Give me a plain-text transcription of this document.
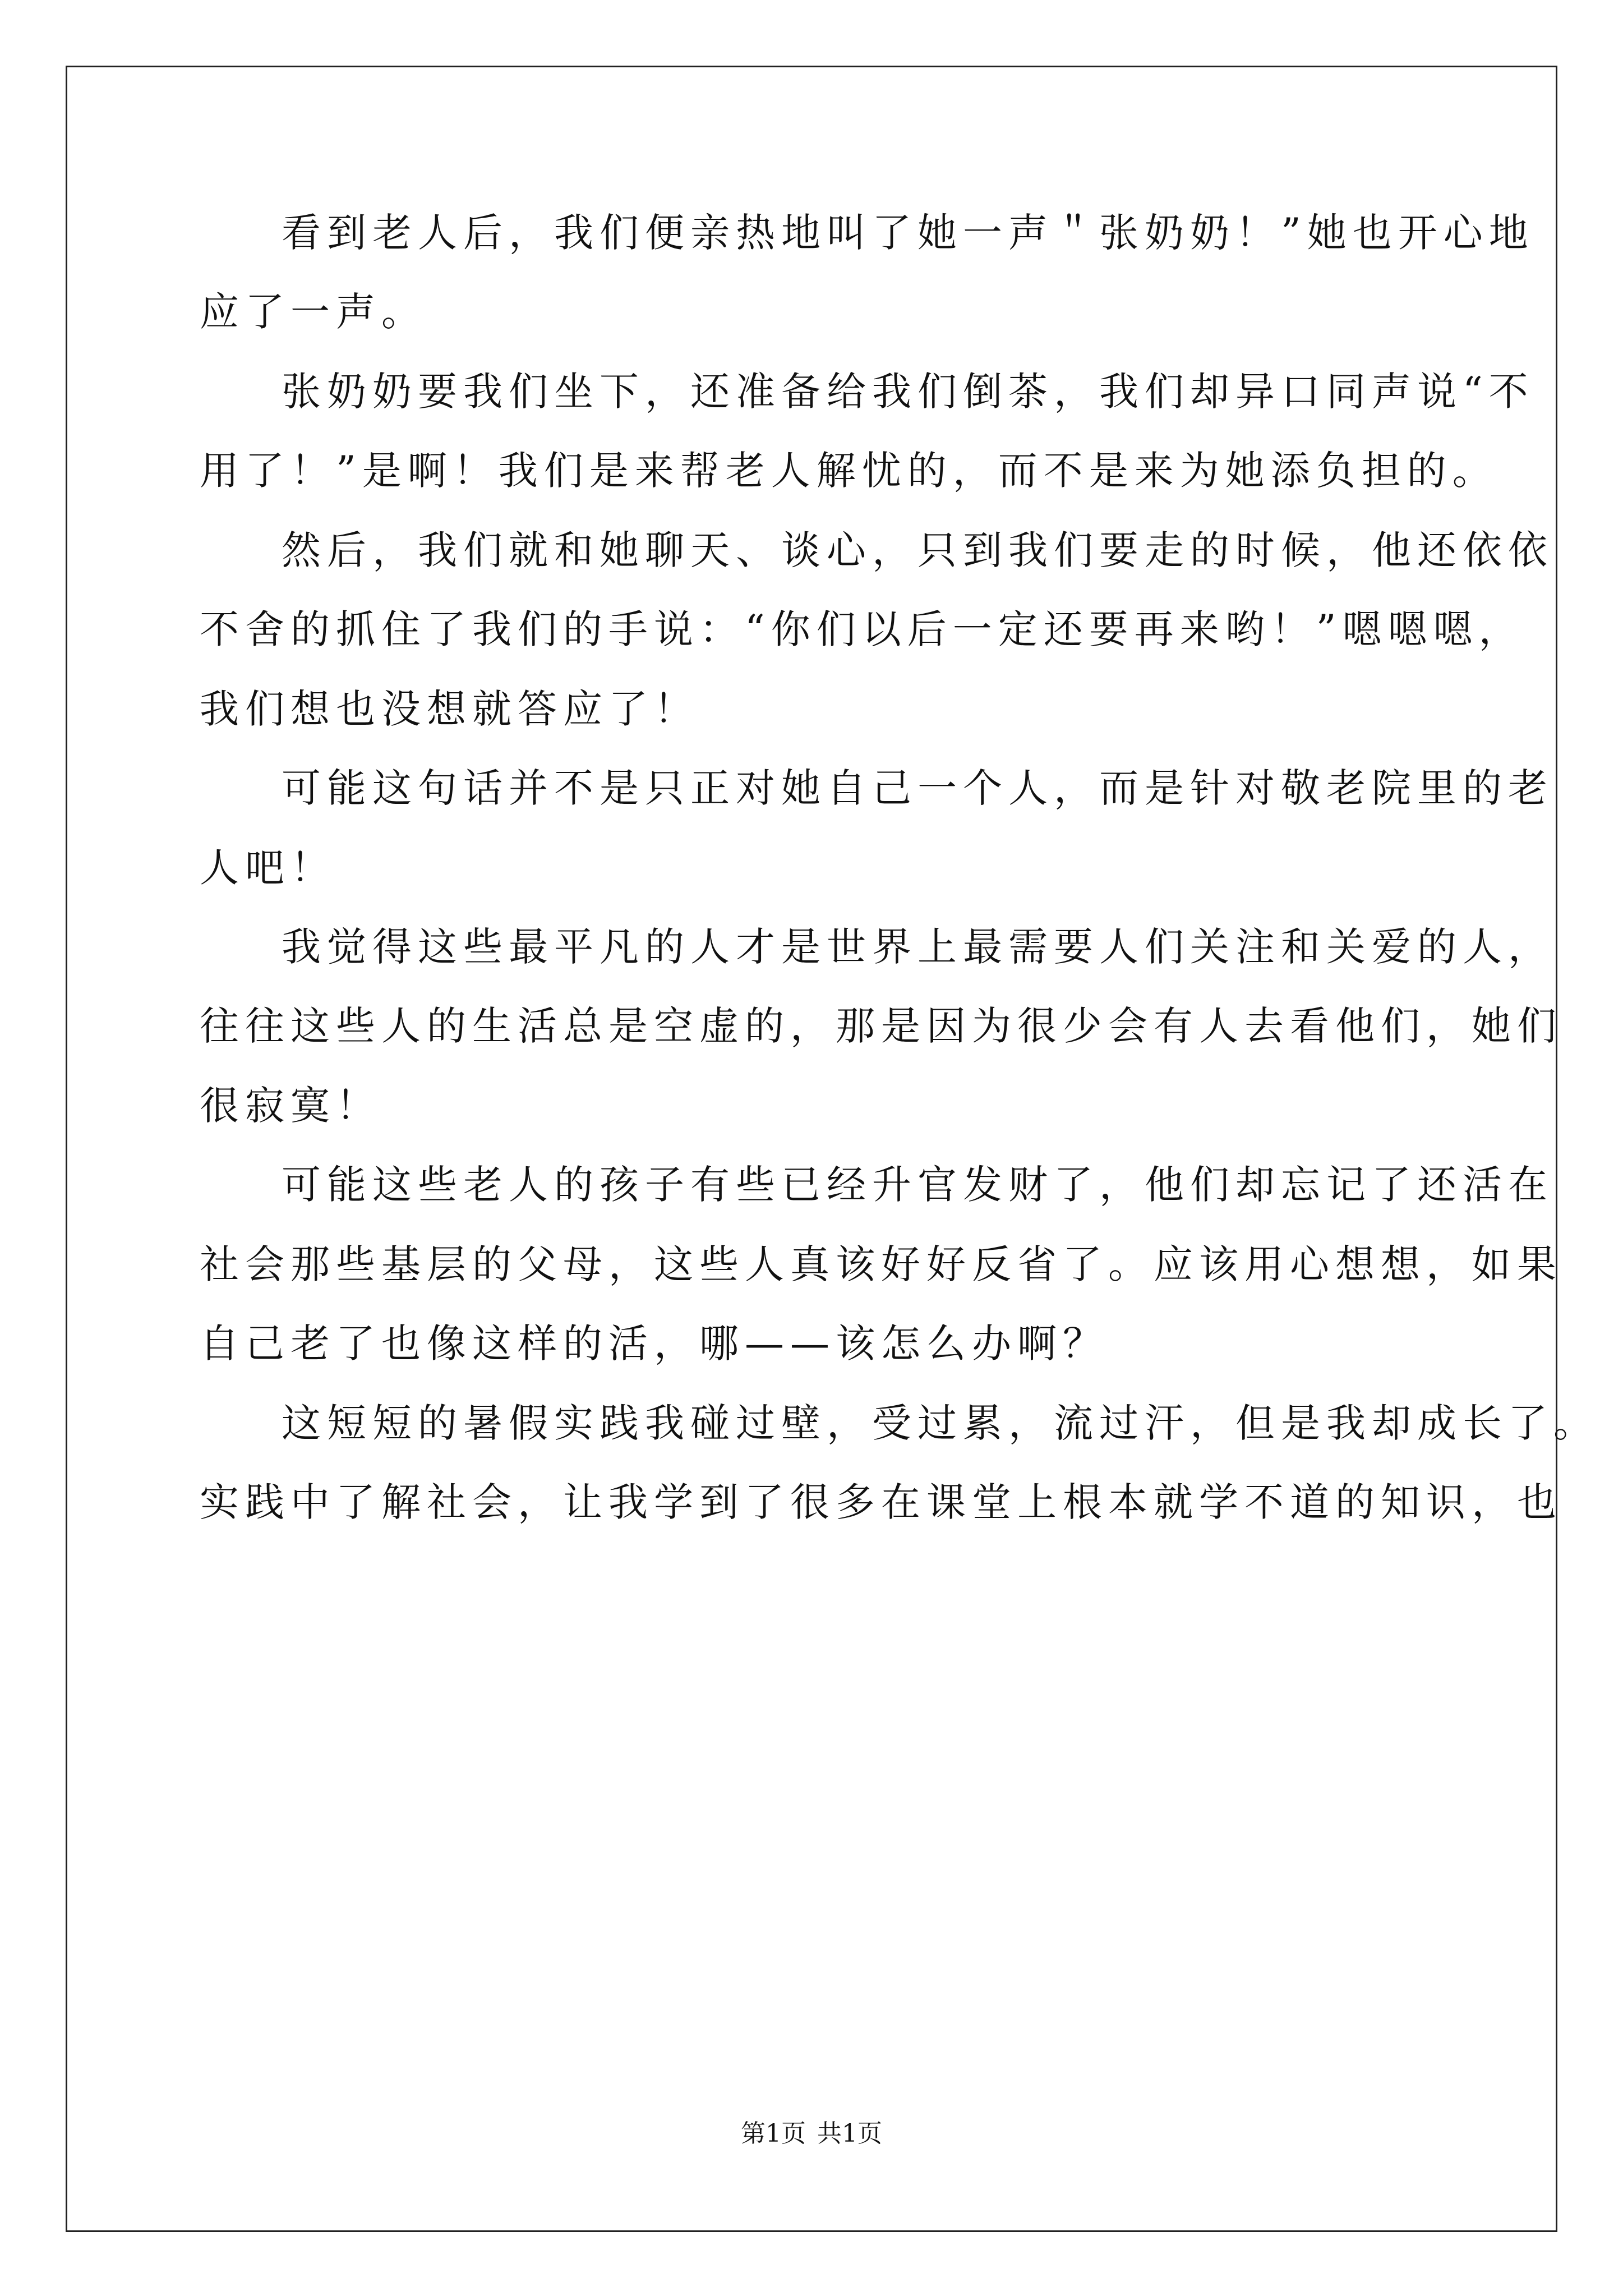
看到老人后，我们便亲热地叫了她一声＂张奶奶！”她也开心地
应了一声。
张奶奶要我们坐下，还准备给我们倒茶，我们却异口同声说“不
用了！”是啊！我们是来帮老人解忧的，而不是来为她添负担的。
然后，我们就和她聊天、谈心，只到我们要走的时候，他还依依
不舍的抓住了我们的手说：“你们以后一定还要再来哟！”嗯嗯嗯，
我们想也没想就答应了！
可能这句话并不是只正对她自己一个人，而是针对敬老院里的老
人吧！
我觉得这些最平凡的人才是世界上最需要人们关注和关爱的人，
往往这些人的生活总是空虚的，那是因为很少会有人去看他们，她们
很寂寞！
可能这些老人的孩子有些已经升官发财了，他们却忘记了还活在
社会那些基层的父母，这些人真该好好反省了。应该用心想想，如果
自己老了也像这样的活，哪——该怎么办啊？
这短短的暑假实践我碰过壁，受过累，流过汗，但是我却成长了。
实践中了解社会，让我学到了很多在课堂上根本就学不道的知识，也
第1页 共1页
